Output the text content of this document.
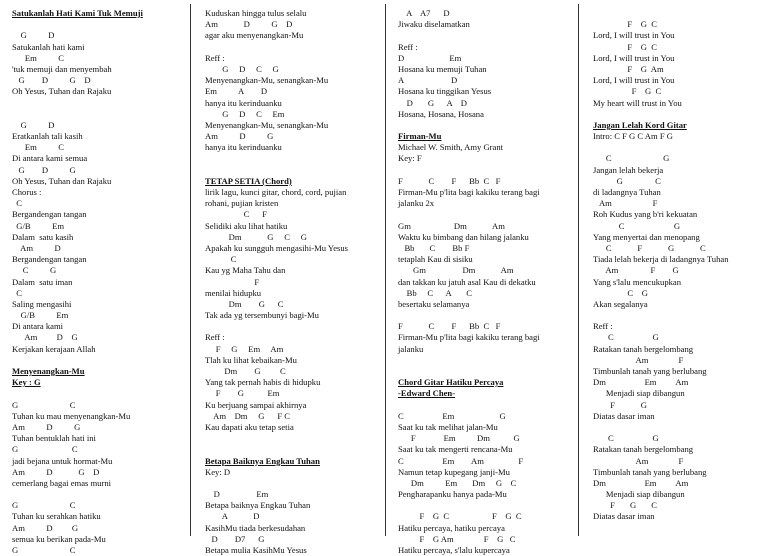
Satukanlah Hati Kami Tuk Memuji

G          D
Satukanlah hati kami
Em          C
'tuk memuji dan menyembah
G        D          G    D
Oh Yesus, Tuhan dan Rajaku

G          D
Eratkanlah tali kasih
Em          C
Di antara kami semua
G        D          G
Oh Yesus, Tuhan dan Rajaku
Chorus :
C
Bergandengan tangan
G/B          Em
Dalam  satu kasih
Am          D
Bergandengan tangan
C          G
Dalam  satu iman
C
Saling mengasihi
G/B          Em
Di antara kami
Am         D    G
Kerjakan kerajaan Allah

Menyenangkan-Mu
Key : G

G                        C
Tuhan ku mau menyenangkan-Mu
Am          D          G
Tuhan bentuklah hati ini
G                         C
jadi bejana untuk hormat-Mu
Am          D            G    D
cemerlang bagai emas murni

G                        C
Tuhan ku serahkan hatiku
Am          D         G
semua ku berikan pada-Mu
G                        C
Kuduskan hingga tulus selalu
Am            D          G    D
agar aku menyenangkan-Mu

Reff :
G     D     C     G
Menyenangkan-Mu, senangkan-Mu
Em          A        D
hanya itu kerinduanku
G     D     C     Em
Menyenangkan-Mu, senangkan-Mu
Am          D          G
hanya itu kerinduanku

TETAP SETIA (Chord)
lirik lagu, kunci gitar, chord, cord, pujian
rohani, pujian kristen
C      F
Selidiki aku lihat hatiku
Dm            G     C     G
Apakah ku sungguh mengasihi-Mu Yesus
C
Kau yg Maha Tahu dan
F
menilai hidupku
Dm        G      C
Tak ada yg tersembunyi bagi-Mu

Reff :
F     G     Em     Am
Tlah ku lihat kebaikan-Mu
Dm        G         C
Yang tak pernah habis di hidupku
F        G           Em
Ku berjuang sampai akhirnya
Am    Dm     G      F C
Kau dapati aku tetap setia

Betapa Baiknya Engkau Tuhan
Key: D

D                 Em
Betapa baiknya Engkau Tuhan
A            D
KasihMu tiada berkesudahan
D        D7      G
Betapa mulia KasihMu Yesus
A    A7      D
Jiwaku diselamatkan

Reff :
D                     Em
Hosana ku memuji Tuhan
A                      D
Hosana ku tinggikan Yesus
D       G      A    D
Hosana, Hosana, Hosana

Firman-Mu
Michael W. Smith, Amy Grant
Key: F

F            C        F      Bb  C   F
Firman-Mu p'lita bagi kakiku terang bagi
jalanku 2x

Gm                    Dm            Am
Waktu ku bimbang dan hilang jalanku
Bb       C        Bb F
tetaplah Kau di sisiku
Gm                 Dm            Am
dan takkan ku jatuh asal Kau di dekatku
Bb     C      A       C
besertaku selamanya

F            C        F      Bb  C   F
Firman-Mu p'lita bagi kakiku terang bagi
jalanku

Chord Gitar Hatiku Percaya
-Edward Chen-

C                  Em                     G
Saat ku tak melihat jalan-Mu
F             Em          Dm           G
Saat ku tak mengerti rencana-Mu
C                  Em        Am                F
Namun tetap kupegang janji-Mu
Dm          Em       Dm     G    C
Pengharapanku hanya pada-Mu

F    G  C                    F    G  C
Hatiku percaya, hatiku percaya
F    G Am              F    G   C
Hatiku percaya, s'lalu kupercaya

F    G  C
Lord, I will trust in You
F    G  C
Lord, I will trust in You
F    G  Am
Lord, I will trust in You
F    G  C
My heart will trust in You

Jangan Lelah Kord Gitar
Intro: C F G C Am F G

C                        G
Jangan lelah bekerja
G               C
di ladangnya Tuhan
Am                   F
Roh Kudus yang b'ri kekuatan
C                       G
Yang menyertai dan menopang
C            F            G            C
Tiada lelah bekerja di ladangnya Tuhan
Am               F        G
Yang s'lalu mencukupkan
C    G
Akan segalanya

Reff :
C                  G
Ratakan tanah bergelombang
Am              F
Timbunlah tanah yang berlubang
Dm                  Em         Am
Menjadi siap dibangun
F            G
Diatas dasar iman

C                  G
Ratakan tanah bergelombang
Am              F
Timbunlah tanah yang berlubang
Dm                  Em         Am
Menjadi siap dibangun
F       G       C
Diatas dasar iman
